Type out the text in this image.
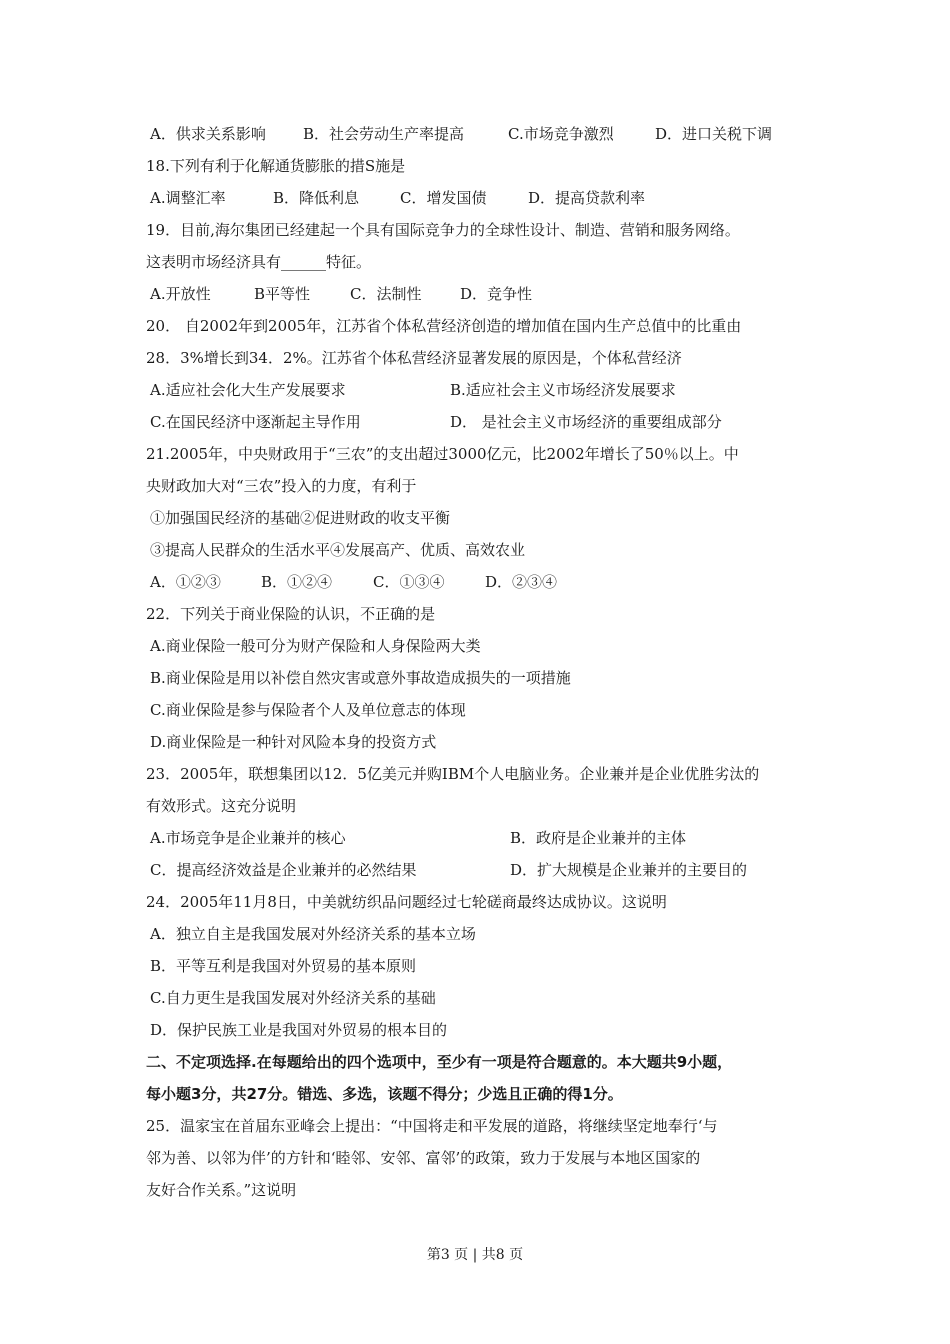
A．供求关系影响 B．社会劳动生产率提高	C.市场竞争激烈	D．进口关税下调
18.下列有利于化解通货膨胀的措S施是
A.调整汇率	B．降低利息	C．增发国债	D．提高贷款利率
19．目前,海尔集团已经建起一个具有国际竞争力的全球性设计、制造、营销和服务网络。
这表明市场经济具有______特征。
A.开放性	B平等性	C．法制性	D．竞争性
20． 自2002年到2005年，江苏省个体私营经济创造的增加值在国内生产总值中的比重由
28．3%增长到34．2%。江苏省个体私营经济显著发展的原因是，个体私营经济
A.适应社会化大生产发展要求	B.适应社会主义市场经济发展要求
C.在国民经济中逐渐起主导作用	D． 是社会主义市场经济的重要组成部分
21.2005年，中央财政用于“三农”的支出超过3000亿元，比2002年增长了50％以上。中
央财政加大对“三农”投入的力度，有利于
①加强国民经济的基础②促进财政的收支平衡
③提高人民群众的生活水平④发展高产、优质、高效农业
A．①②③	B．①②④	C．①③④	D．②③④
22．下列关于商业保险的认识，不正确的是
A.商业保险一般可分为财产保险和人身保险两大类
B.商业保险是用以补偿自然灾害或意外事故造成损失的一项措施
C.商业保险是参与保险者个人及单位意志的体现
D.商业保险是一种针对风险本身的投资方式
23．2005年，联想集团以12．5亿美元并购IBM个人电脑业务。企业兼并是企业优胜劣汰的
有效形式。这充分说明
A.市场竞争是企业兼并的核心	B．政府是企业兼并的主体
C．提高经济效益是企业兼并的必然结果	D．扩大规模是企业兼并的主要目的
24．2005年11月8日，中美就纺织品问题经过七轮磋商最终达成协议。这说明
A．独立自主是我国发展对外经济关系的基本立场
B．平等互利是我国对外贸易的基本原则
C.自力更生是我国发展对外经济关系的基础
D．保护民族工业是我国对外贸易的根本目的
二、不定项选择.在每题给出的四个选项中，至少有一项是符合题意的。本大题共9小题，
每小题3分，共27分。错选、多选，该题不得分；少选且正确的得1分。
25．温家宝在首届东亚峰会上提出：“中国将走和平发展的道路，将继续坚定地奉行‘与
邻为善、以邻为伴’的方针和‘睦邻、安邻、富邻’的政策，致力于发展与本地区国家的
友好合作关系。”这说明
第3 页 | 共8 页
